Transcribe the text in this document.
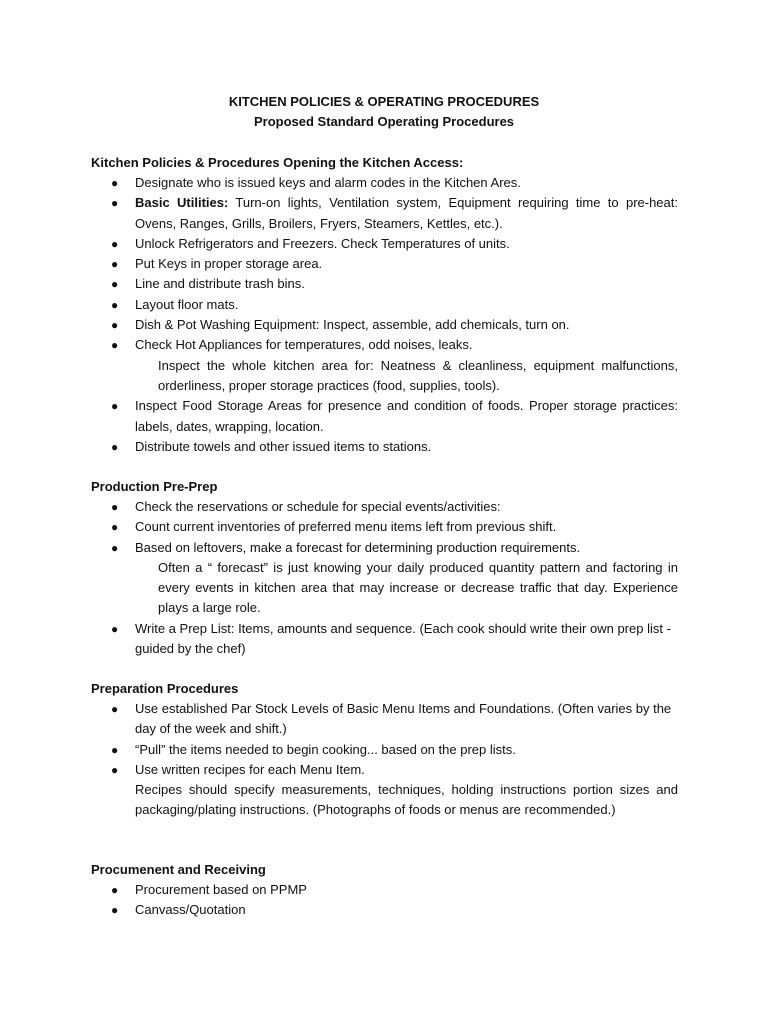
KITCHEN POLICIES & OPERATING PROCEDURES
Proposed Standard Operating Procedures
Kitchen Policies & Procedures Opening the Kitchen Access:
● Designate who is issued keys and alarm codes in the Kitchen Ares.
● Basic Utilities: Turn-on lights, Ventilation system, Equipment requiring time to pre-heat: Ovens, Ranges, Grills, Broilers, Fryers, Steamers, Kettles, etc.).
● Unlock Refrigerators and Freezers. Check Temperatures of units.
● Put Keys in proper storage area.
● Line and distribute trash bins.
● Layout floor mats.
● Dish & Pot Washing Equipment: Inspect, assemble, add chemicals, turn on.
● Check Hot Appliances for temperatures, odd noises, leaks.
Inspect the whole kitchen area for: Neatness & cleanliness, equipment malfunctions, orderliness, proper storage practices (food, supplies, tools).
● Inspect Food Storage Areas for presence and condition of foods. Proper storage practices: labels, dates, wrapping, location.
● Distribute towels and other issued items to stations.
Production Pre-Prep
● Check the reservations or schedule for special events/activities:
● Count current inventories of preferred menu items left from previous shift.
● Based on leftovers, make a forecast for determining production requirements.
Often a “ forecast” is just knowing your daily produced quantity pattern and factoring in every events in kitchen area that may increase or decrease traffic that day. Experience plays a large role.
● Write a Prep List: Items, amounts and sequence. (Each cook should write their own prep list - guided by the chef)
Preparation Procedures
● Use established Par Stock Levels of Basic Menu Items and Foundations. (Often varies by the day of the week and shift.)
● “Pull” the items needed to begin cooking... based on the prep lists.
● Use written recipes for each Menu Item.
Recipes should specify measurements, techniques, holding instructions portion sizes and packaging/plating instructions. (Photographs of foods or menus are recommended.)
Procumenent and Receiving
● Procurement based on PPMP
● Canvass/Quotation
